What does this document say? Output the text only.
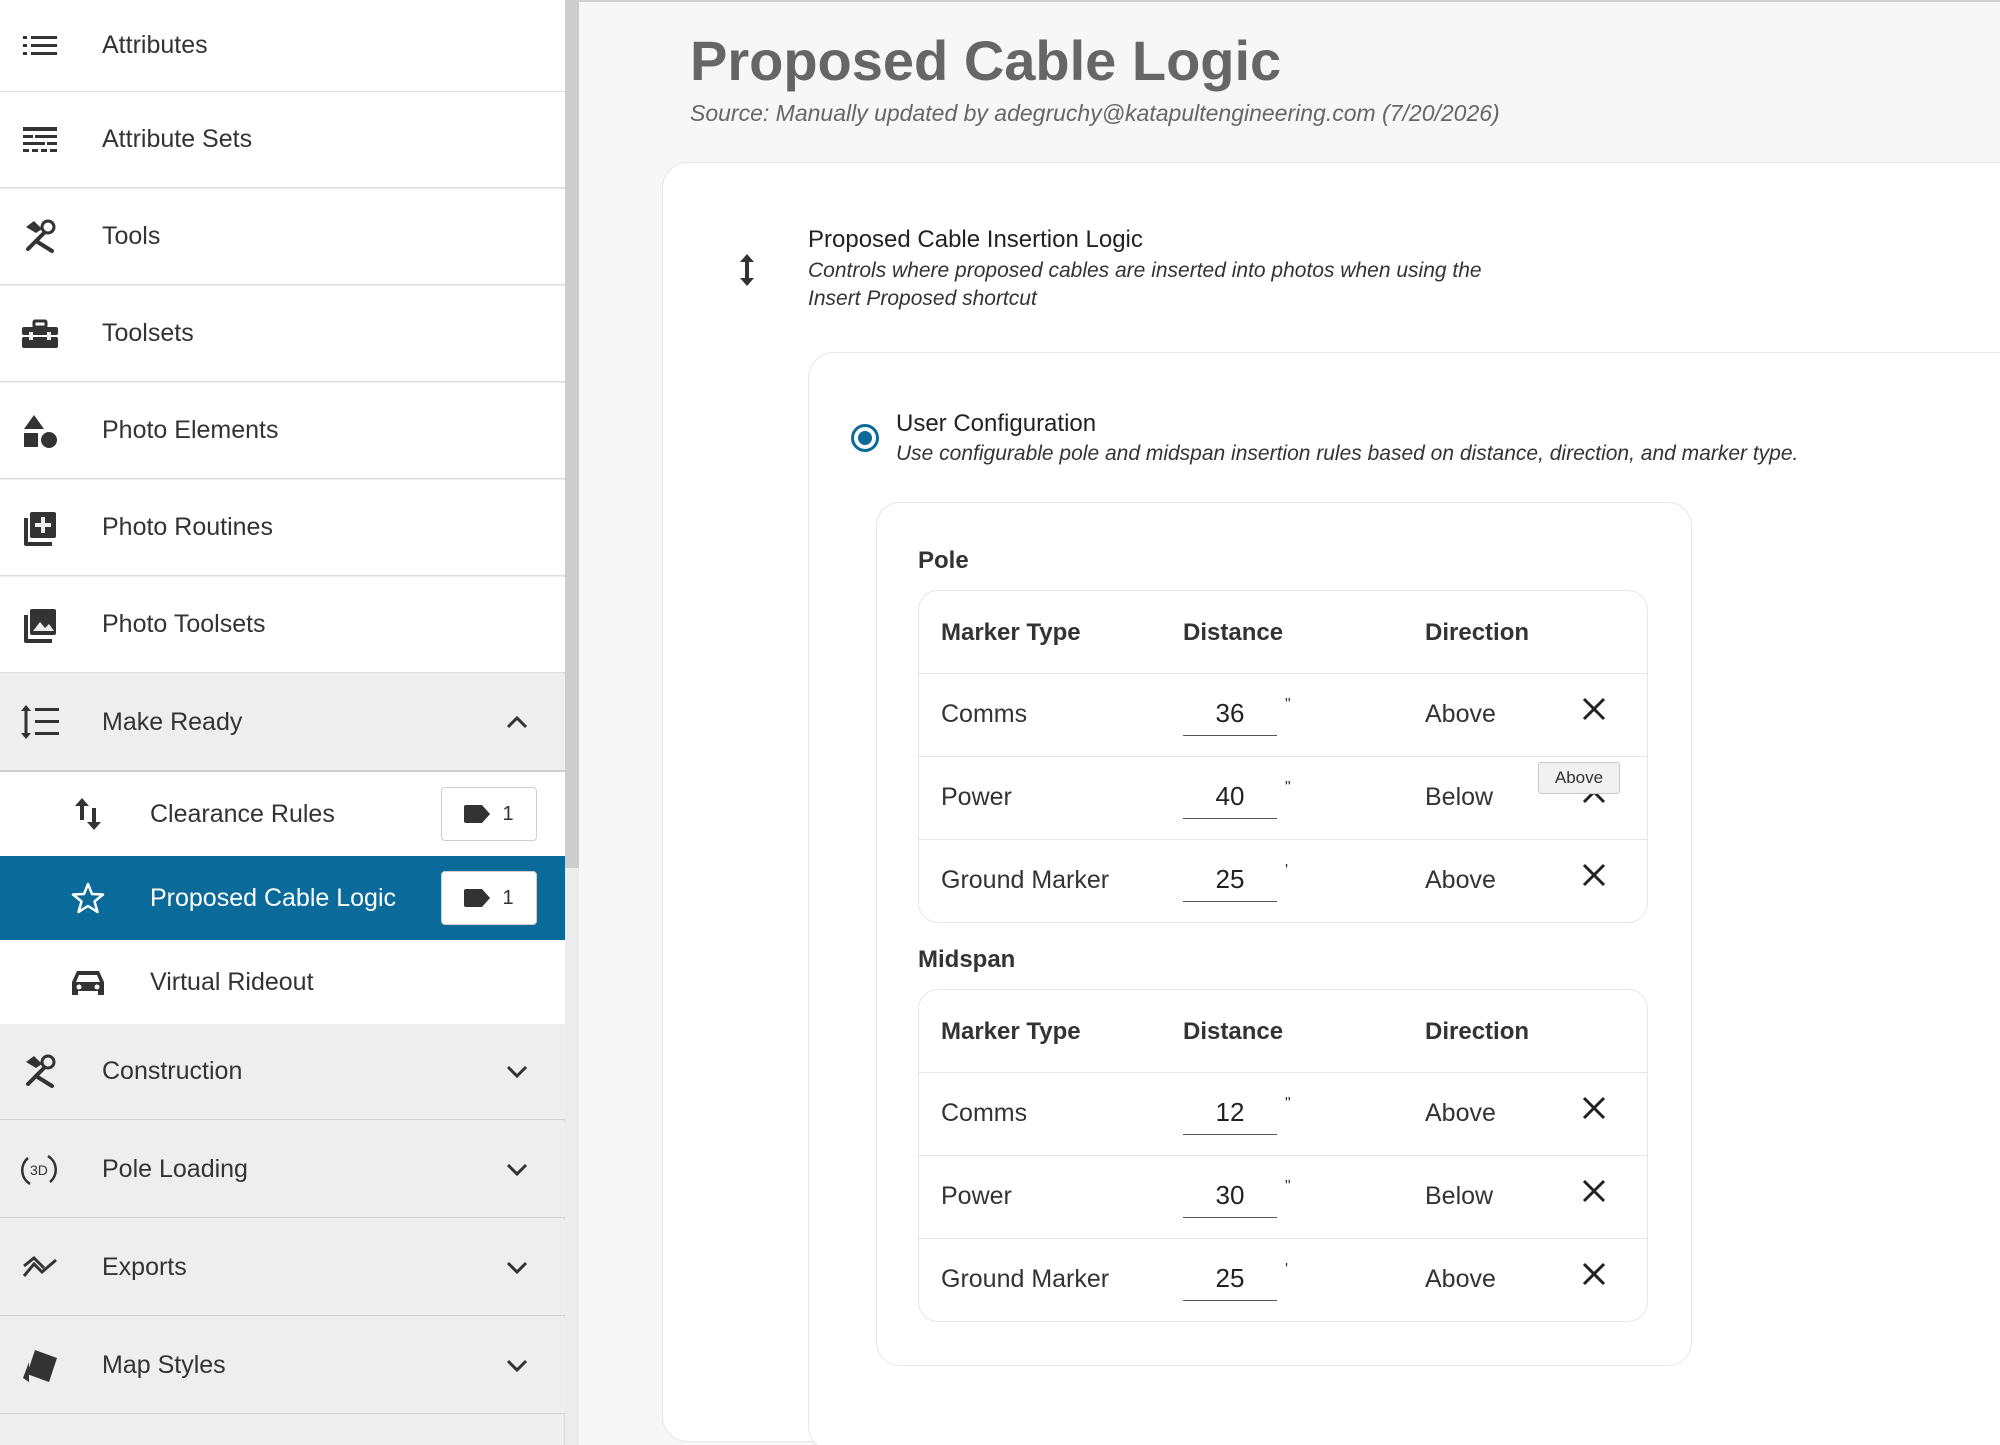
Attributes
Attribute Sets
Tools
Toolsets
Photo Elements
Photo Routines
Photo Toolsets
Make Ready
Clearance Rules	1
Proposed Cable Logic	1
Virtual Rideout
Construction
3D Pole Loading
Exports
Map Styles
Proposed Cable Logic
Source: Manually updated by adegruchy@katapultengineering.com (7/20/2026)
Proposed Cable Insertion Logic
Controls where proposed cables are inserted into photos when using the Insert Proposed shortcut
User Configuration
Use configurable pole and midspan insertion rules based on distance, direction, and marker type.
Pole
Marker Type	Distance	Direction
Comms	36	"	Above
Power	40	"	Below
Ground Marker	25	'	Above
Midspan
Marker Type	Distance	Direction
Comms	12	"	Above
Power	30	"	Below
Ground Marker	25	'	Above
Above
